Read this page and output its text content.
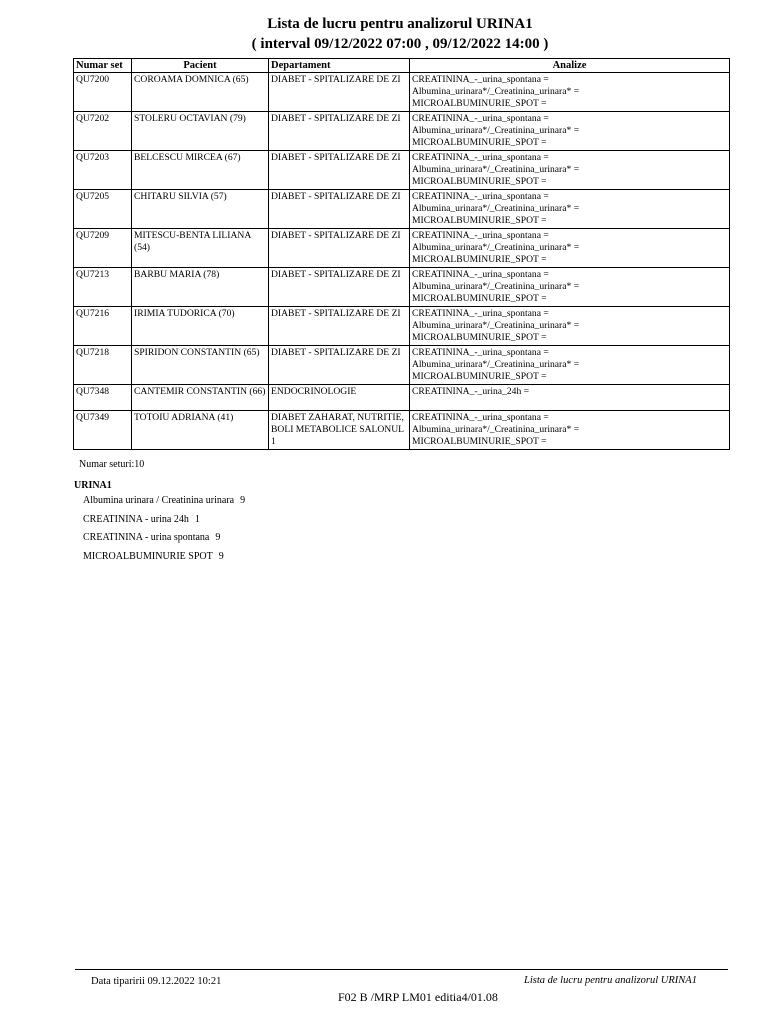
Lista de lucru pentru analizorul URINA1
( interval 09/12/2022 07:00 , 09/12/2022 14:00 )
Numar set	Pacient	Departament	Analize
QU7200	COROAMA DOMNICA (65)	DIABET - SPITALIZARE DE ZI	CREATININA_-_urina_spontana =
Albumina_urinara*/_Creatinina_urinara* =
MICROALBUMINURIE_SPOT =

QU7202	STOLERU OCTAVIAN (79)	DIABET - SPITALIZARE DE ZI	CREATININA_-_urina_spontana =
Albumina_urinara*/_Creatinina_urinara* =
MICROALBUMINURIE_SPOT =

QU7203	BELCESCU MIRCEA (67)	DIABET - SPITALIZARE DE ZI	CREATININA_-_urina_spontana =
Albumina_urinara*/_Creatinina_urinara* =
MICROALBUMINURIE_SPOT =

QU7205	CHITARU SILVIA (57)	DIABET - SPITALIZARE DE ZI	CREATININA_-_urina_spontana =
Albumina_urinara*/_Creatinina_urinara* =
MICROALBUMINURIE_SPOT =

QU7209	MITESCU-BENTA LILIANA (54)	DIABET - SPITALIZARE DE ZI	CREATININA_-_urina_spontana =
Albumina_urinara*/_Creatinina_urinara* =
MICROALBUMINURIE_SPOT =

QU7213	BARBU MARIA (78)	DIABET - SPITALIZARE DE ZI	CREATININA_-_urina_spontana =
Albumina_urinara*/_Creatinina_urinara* =
MICROALBUMINURIE_SPOT =

QU7216	IRIMIA TUDORICA (70)	DIABET - SPITALIZARE DE ZI	CREATININA_-_urina_spontana =
Albumina_urinara*/_Creatinina_urinara* =
MICROALBUMINURIE_SPOT =

QU7218	SPIRIDON CONSTANTIN (65)	DIABET - SPITALIZARE DE ZI	CREATININA_-_urina_spontana =
Albumina_urinara*/_Creatinina_urinara* =
MICROALBUMINURIE_SPOT =

QU7348	CANTEMIR CONSTANTIN (66)	ENDOCRINOLOGIE	CREATININA_-_urina_24h =

QU7349	TOTOIU ADRIANA (41)	DIABET ZAHARAT, NUTRITIE, BOLI METABOLICE SALONUL 1	CREATININA_-_urina_spontana =
Albumina_urinara*/_Creatinina_urinara* =
MICROALBUMINURIE_SPOT =
Numar seturi:10
URINA1
Albumina urinara / Creatinina urinara 9
CREATININA - urina 24h 1
CREATININA - urina spontana 9
MICROALBUMINURIE SPOT 9
Data tiparirii 09.12.2022 10:21	Lista de lucru pentru analizorul URINA1
F02 B /MRP LM01 editia4/01.08
